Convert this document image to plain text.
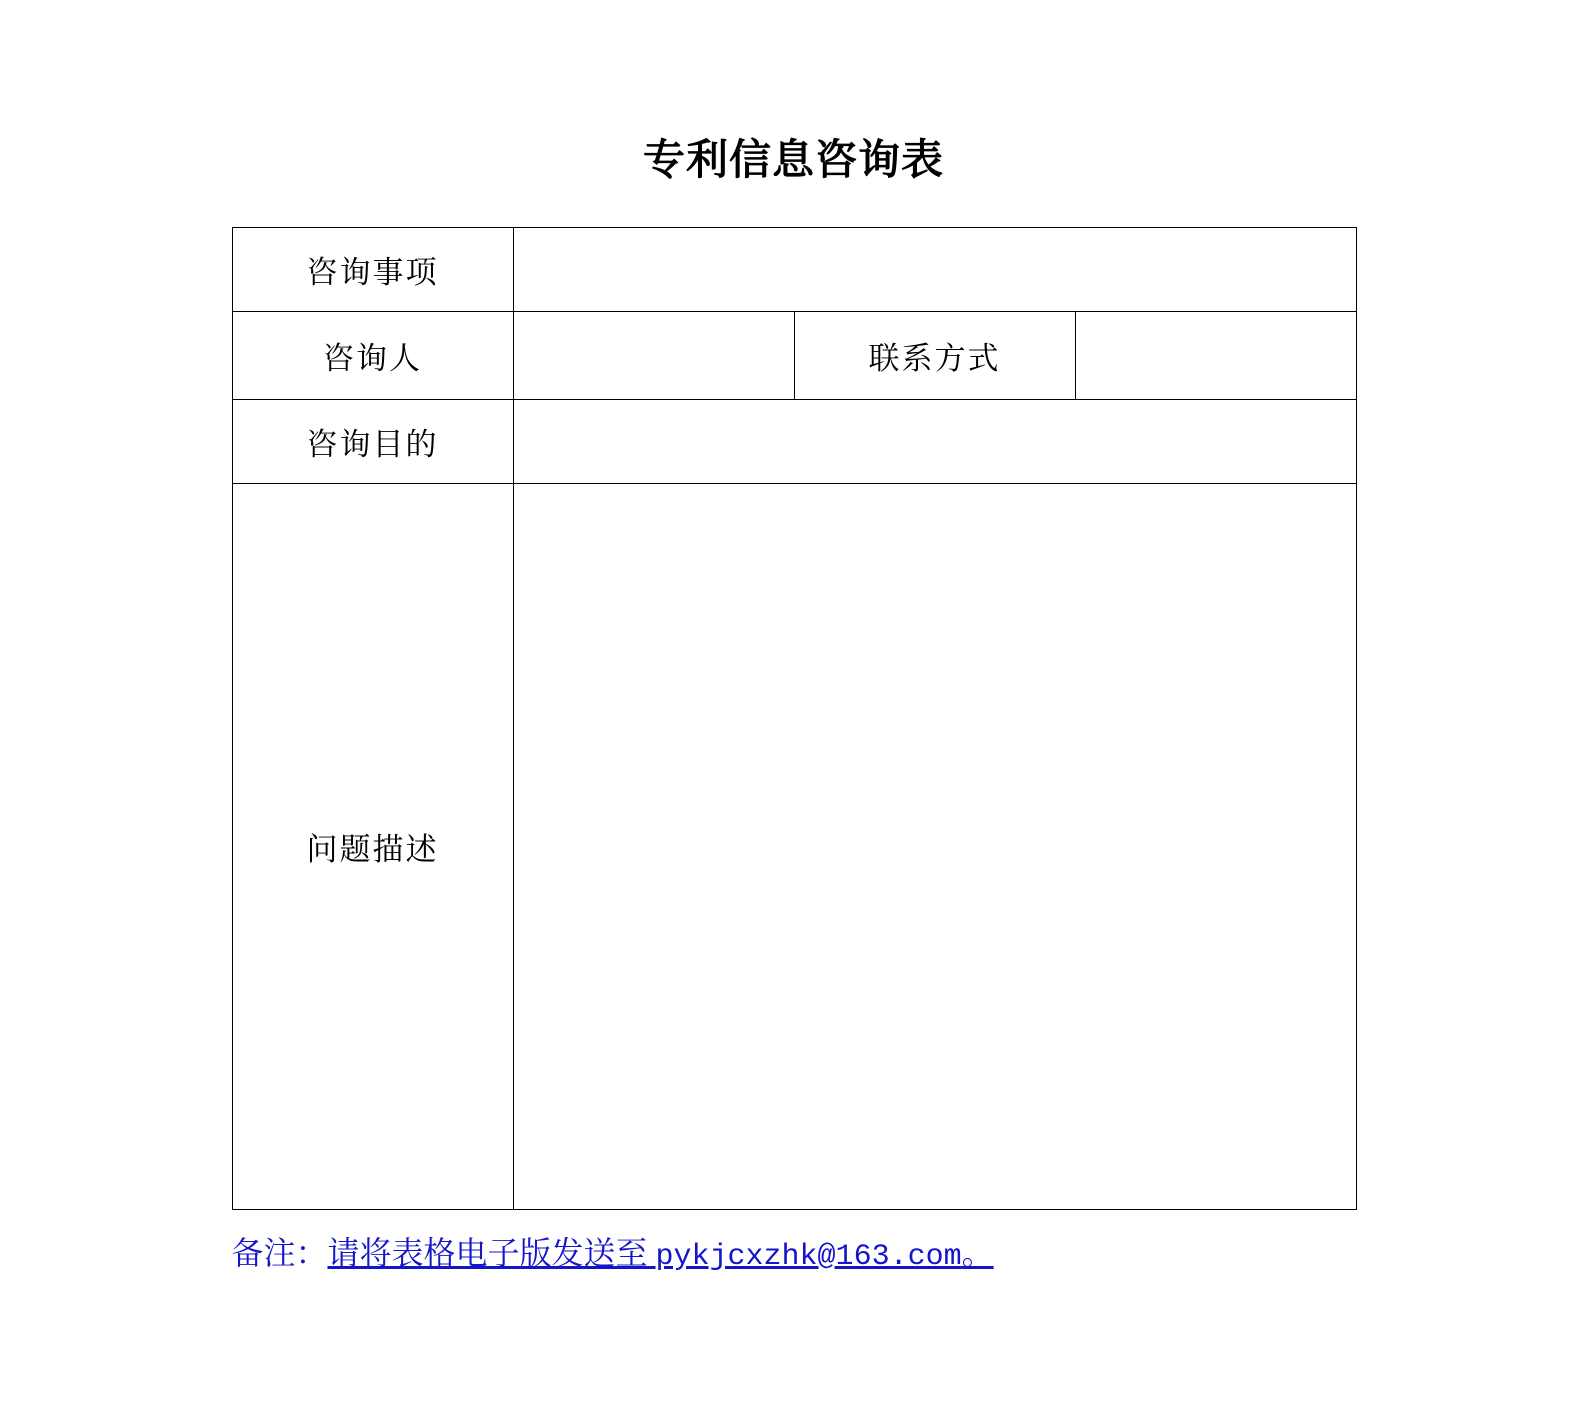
专利信息咨询表
咨询事项			
咨询人		联系方式	
咨询目的			
问题描述			
备注：请将表格电子版发送至 pykjcxzhk@163.com。
